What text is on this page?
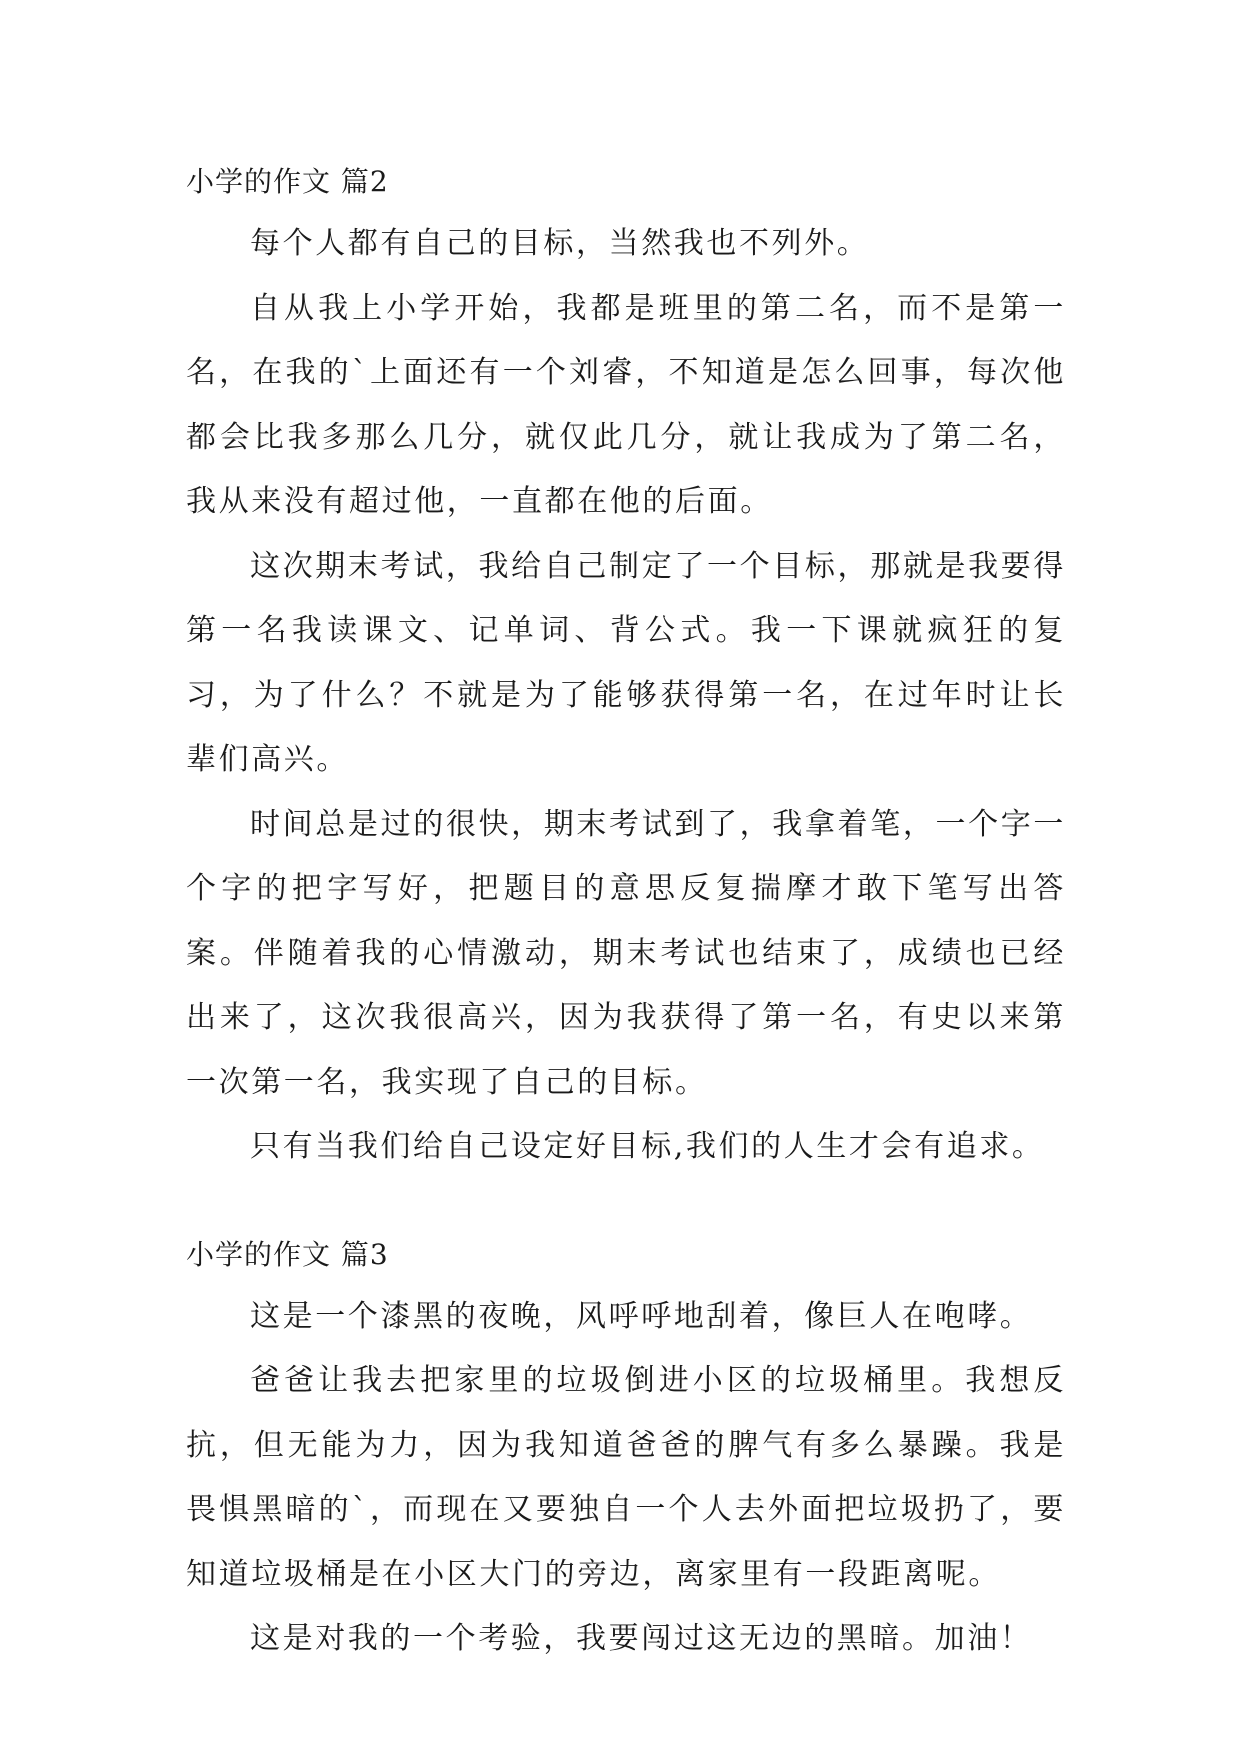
小学的作文 篇2

每个人都有自己的目标，当然我也不列外。

自从我上小学开始，我都是班里的第二名，而不是第一名，在我的`上面还有一个刘睿，不知道是怎么回事，每次他都会比我多那么几分，就仅此几分，就让我成为了第二名，我从来没有超过他，一直都在他的后面。

这次期末考试，我给自己制定了一个目标，那就是我要得第一名我读课文、记单词、背公式。我一下课就疯狂的复习，为了什么？不就是为了能够获得第一名，在过年时让长辈们高兴。

时间总是过的很快，期末考试到了，我拿着笔，一个字一个字的把字写好，把题目的意思反复揣摩才敢下笔写出答案。伴随着我的心情激动，期末考试也结束了，成绩也已经出来了，这次我很高兴，因为我获得了第一名，有史以来第一次第一名，我实现了自己的目标。

只有当我们给自己设定好目标,我们的人生才会有追求。

小学的作文 篇3

这是一个漆黑的夜晚，风呼呼地刮着，像巨人在咆哮。

爸爸让我去把家里的垃圾倒进小区的垃圾桶里。我想反抗，但无能为力，因为我知道爸爸的脾气有多么暴躁。我是畏惧黑暗的`，而现在又要独自一个人去外面把垃圾扔了，要知道垃圾桶是在小区大门的旁边，离家里有一段距离呢。

这是对我的一个考验，我要闯过这无边的黑暗。加油！
